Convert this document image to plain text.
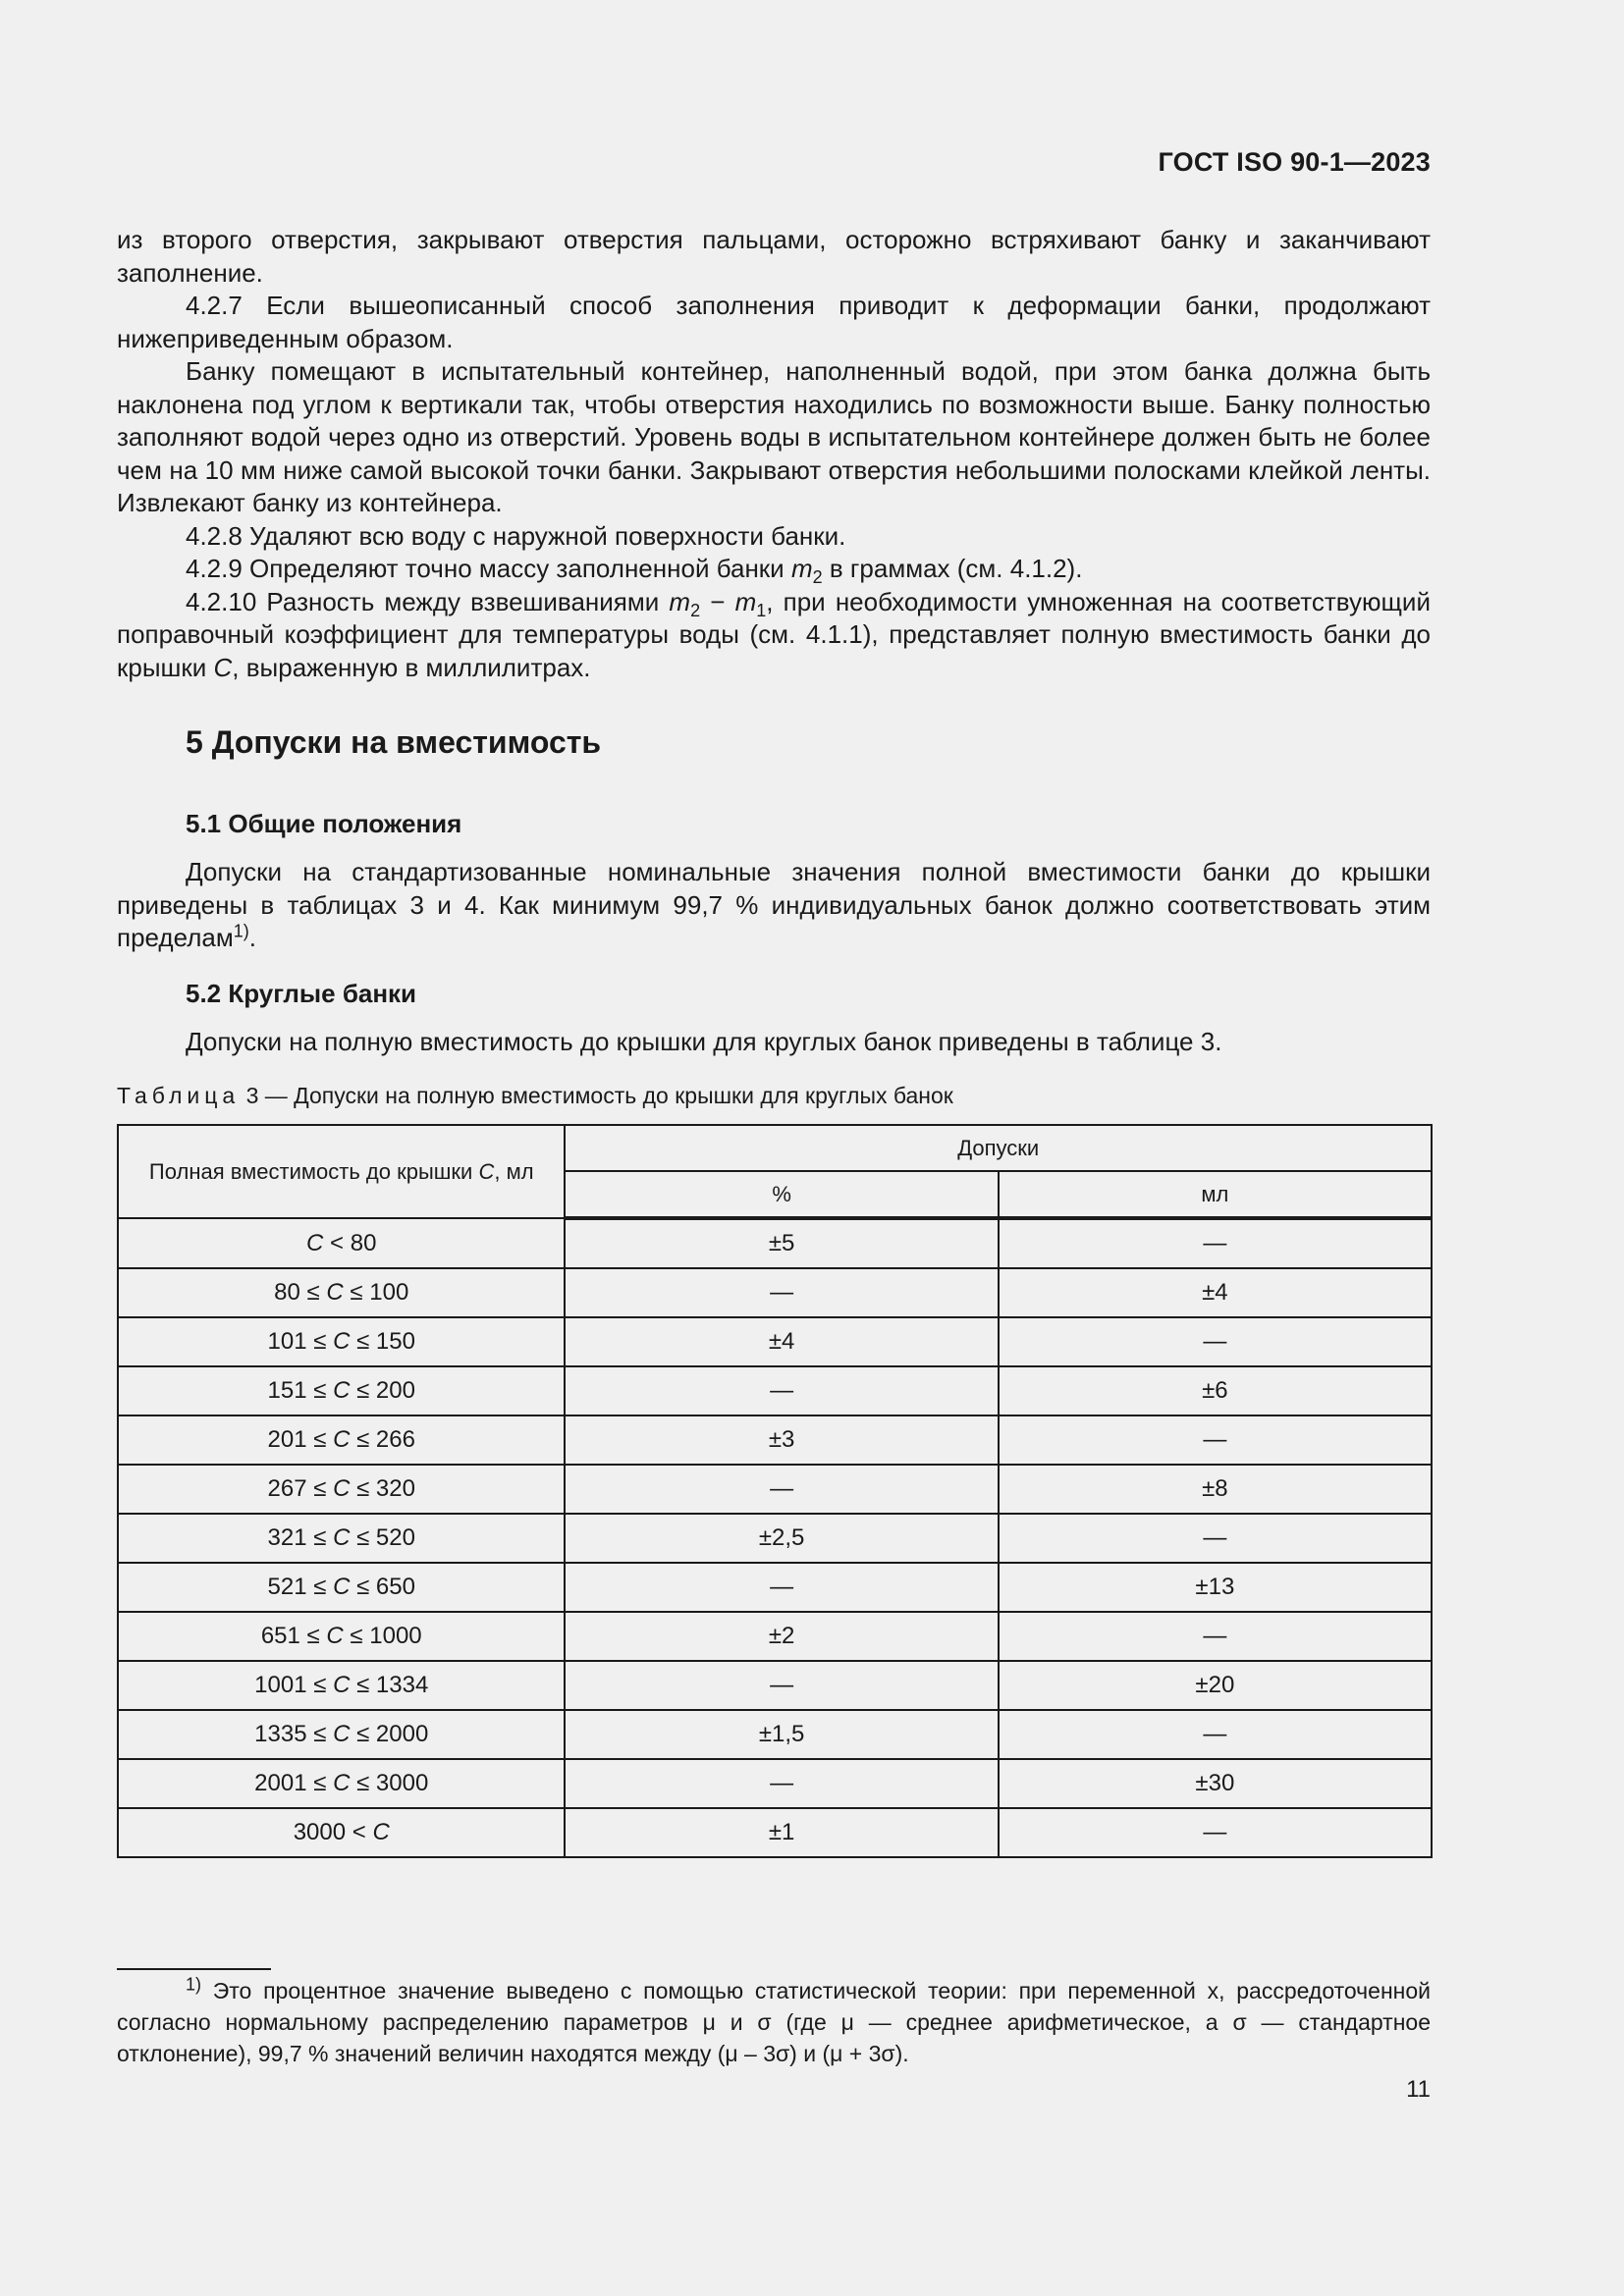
ГОСТ ISO 90-1—2023

из второго отверстия, закрывают отверстия пальцами, осторожно встряхивают банку и заканчивают заполнение.

4.2.7 Если вышеописанный способ заполнения приводит к деформации банки, продолжают нижеприведенным образом.

Банку помещают в испытательный контейнер, наполненный водой, при этом банка должна быть наклонена под углом к вертикали так, чтобы отверстия находились по возможности выше. Банку полностью заполняют водой через одно из отверстий. Уровень воды в испытательном контейнере должен быть не более чем на 10 мм ниже самой высокой точки банки. Закрывают отверстия небольшими полосками клейкой ленты. Извлекают банку из контейнера.

4.2.8 Удаляют всю воду с наружной поверхности банки.

4.2.9 Определяют точно массу заполненной банки $m_2$ в граммах (см. 4.1.2).

4.2.10 Разность между взвешиваниями $m_2 - m_1$, при необходимости умноженная на соответствующий поправочный коэффициент для температуры воды (см. 4.1.1), представляет полную вместимость банки до крышки C, выраженную в миллилитрах.

5 Допуски на вместимость
5.1 Общие положения

Допуски на стандартизованные номинальные значения полной вместимости банки до крышки приведены в таблицах 3 и 4. Как минимум 99,7 % индивидуальных банок должно соответствовать этим пределам$^{1)}$.

5.2 Круглые банки

Допуски на полную вместимость до крышки для круглых банок приведены в таблице 3.

Таблица 3 — Допуски на полную вместимость до крышки для круглых банок
Полная вместимость до крышки C, мл	Допуски	
	%	мл
C < 80	±5	—
80 ≤ C ≤ 100	—	±4
101 ≤ C ≤ 150	±4	—
151 ≤ C ≤ 200	—	±6
201 ≤ C ≤ 266	±3	—
267 ≤ C ≤ 320	—	±8
321 ≤ C ≤ 520	±2,5	—
521 ≤ C ≤ 650	—	±13
651 ≤ C ≤ 1000	±2	—
1001 ≤ C ≤ 1334	—	±20
1335 ≤ C ≤ 2000	±1,5	—
2001 ≤ C ≤ 3000	—	±30
3000 < C	±1	—

$^{1)}$ Это процентное значение выведено с помощью статистической теории: при переменной x, рассредоточенной согласно нормальному распределению параметров μ и σ (где μ — среднее арифметическое, а σ — стандартное отклонение), 99,7 % значений величин находятся между (μ – 3σ) и (μ + 3σ).

11
